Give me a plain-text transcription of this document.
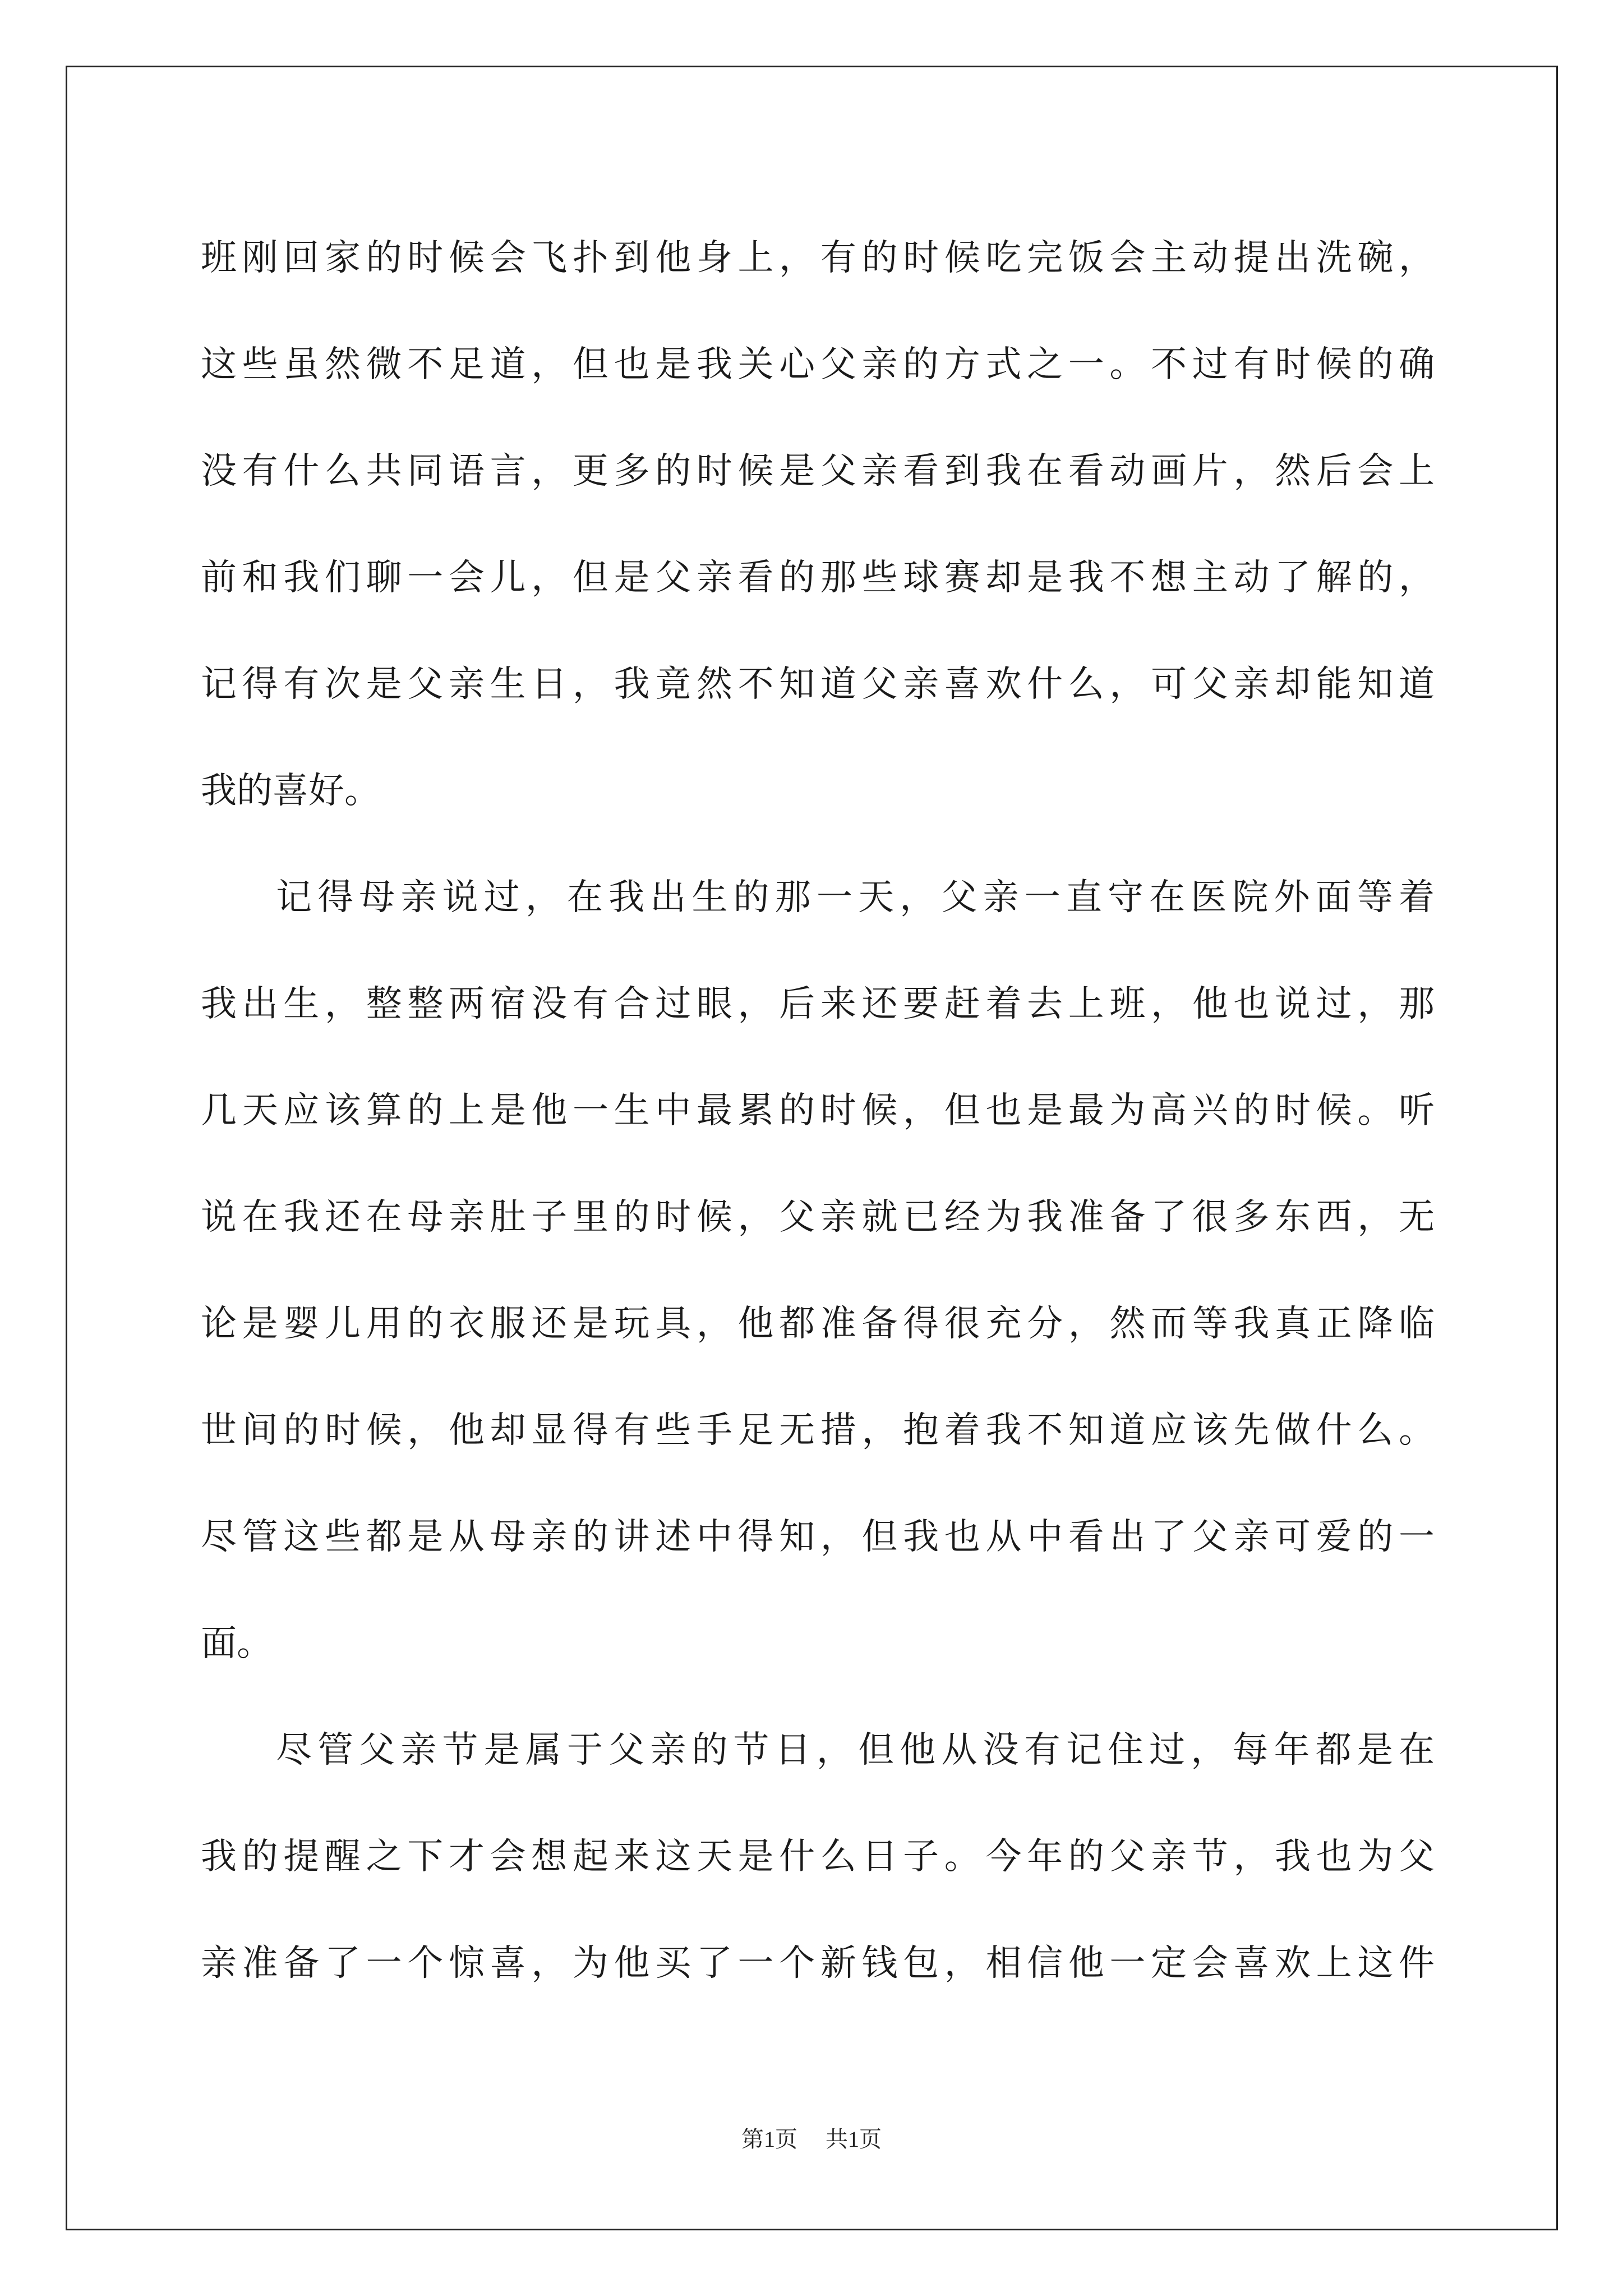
班刚回家的时候会飞扑到他身上，有的时候吃完饭会主动提出洗碗，
这些虽然微不足道，但也是我关心父亲的方式之一。不过有时候的确
没有什么共同语言，更多的时候是父亲看到我在看动画片，然后会上
前和我们聊一会儿，但是父亲看的那些球赛却是我不想主动了解的，
记得有次是父亲生日，我竟然不知道父亲喜欢什么，可父亲却能知道
我的喜好。
记得母亲说过，在我出生的那一天，父亲一直守在医院外面等着
我出生，整整两宿没有合过眼，后来还要赶着去上班，他也说过，那
几天应该算的上是他一生中最累的时候，但也是最为高兴的时候。听
说在我还在母亲肚子里的时候，父亲就已经为我准备了很多东西，无
论是婴儿用的衣服还是玩具，他都准备得很充分，然而等我真正降临
世间的时候，他却显得有些手足无措，抱着我不知道应该先做什么。
尽管这些都是从母亲的讲述中得知，但我也从中看出了父亲可爱的一
面。
尽管父亲节是属于父亲的节日，但他从没有记住过，每年都是在
我的提醒之下才会想起来这天是什么日子。今年的父亲节，我也为父
亲准备了一个惊喜，为他买了一个新钱包，相信他一定会喜欢上这件
第1页 共1页
